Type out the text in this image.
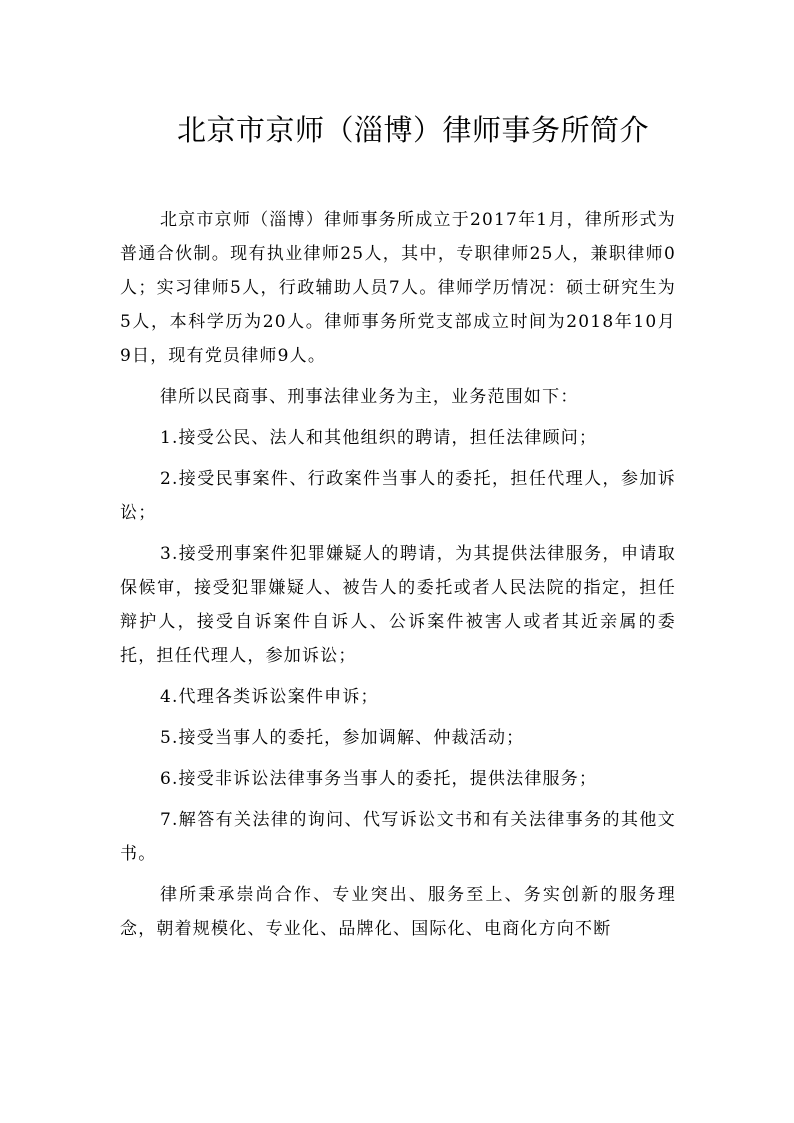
北京市京师（淄博）律师事务所简介

北京市京师（淄博）律师事务所成立于2017年1月，律所形式为普通合伙制。现有执业律师25人，其中，专职律师25人，兼职律师0人；实习律师5人，行政辅助人员7人。律师学历情况：硕士研究生为5人，本科学历为20人。律师事务所党支部成立时间为2018年10月9日，现有党员律师9人。

律所以民商事、刑事法律业务为主，业务范围如下：

1.接受公民、法人和其他组织的聘请，担任法律顾问；

2.接受民事案件、行政案件当事人的委托，担任代理人，参加诉讼；

3.接受刑事案件犯罪嫌疑人的聘请，为其提供法律服务，申请取保候审，接受犯罪嫌疑人、被告人的委托或者人民法院的指定，担任辩护人，接受自诉案件自诉人、公诉案件被害人或者其近亲属的委托，担任代理人，参加诉讼；

4.代理各类诉讼案件申诉；

5.接受当事人的委托，参加调解、仲裁活动；

6.接受非诉讼法律事务当事人的委托，提供法律服务；

7.解答有关法律的询问、代写诉讼文书和有关法律事务的其他文书。

律所秉承崇尚合作、专业突出、服务至上、务实创新的服务理念，朝着规模化、专业化、品牌化、国际化、电商化方向不断
